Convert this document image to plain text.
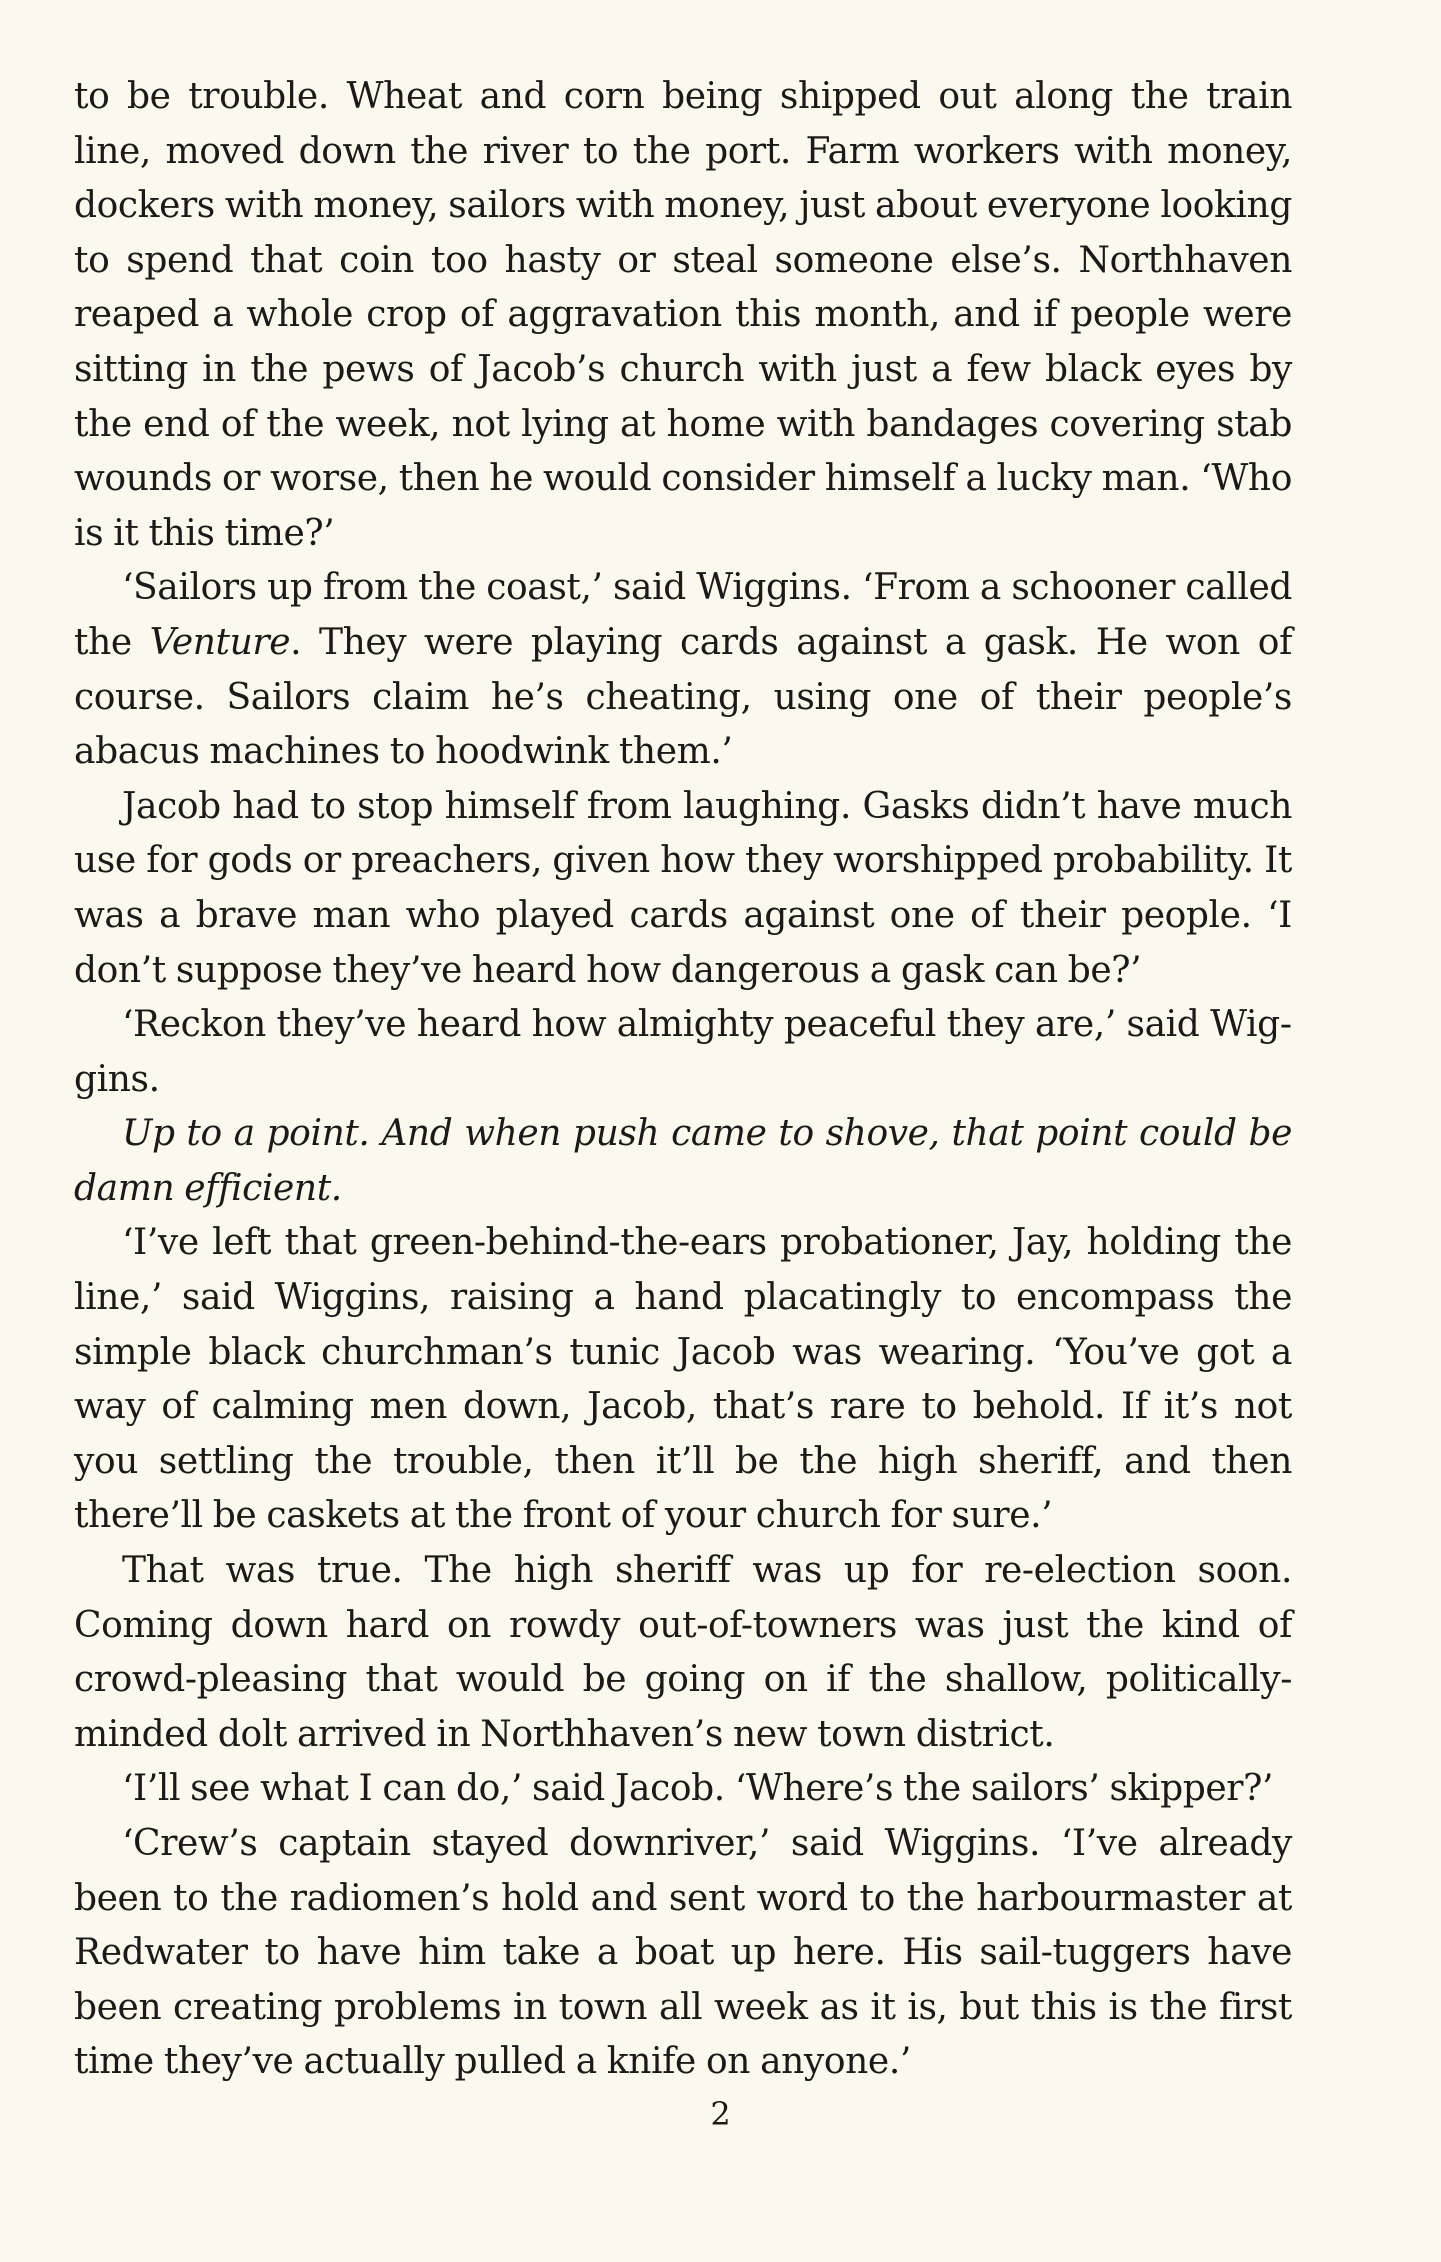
to be trouble. Wheat and corn being shipped out along the train line, moved down the river to the port. Farm workers with money, dockers with money, sailors with money, just about everyone looking to spend that coin too hasty or steal someone else’s. Northhaven reaped a whole crop of aggravation this month, and if people were sitting in the pews of Jacob’s church with just a few black eyes by the end of the week, not lying at home with bandages covering stab wounds or worse, then he would consider himself a lucky man. ‘Who is it this time?’

‘Sailors up from the coast,’ said Wiggins. ‘From a schooner called the Venture. They were playing cards against a gask. He won of course. Sailors claim he’s cheating, using one of their people’s abacus machines to hoodwink them.’

Jacob had to stop himself from laughing. Gasks didn’t have much use for gods or preachers, given how they worshipped probability. It was a brave man who played cards against one of their people. ‘I don’t suppose they’ve heard how dangerous a gask can be?’

‘Reckon they’ve heard how almighty peaceful they are,’ said Wiggins.

Up to a point. And when push came to shove, that point could be damn efficient.

‘I’ve left that green-behind-the-ears probationer, Jay, holding the line,’ said Wiggins, raising a hand placatingly to encompass the simple black churchman’s tunic Jacob was wearing. ‘You’ve got a way of calming men down, Jacob, that’s rare to behold. If it’s not you settling the trouble, then it’ll be the high sheriff, and then there’ll be caskets at the front of your church for sure.’

That was true. The high sheriff was up for re-election soon. Coming down hard on rowdy out-of-towners was just the kind of crowd-pleasing that would be going on if the shallow, politically-minded dolt arrived in Northhaven’s new town district.

‘I’ll see what I can do,’ said Jacob. ‘Where’s the sailors’ skipper?’

‘Crew’s captain stayed downriver,’ said Wiggins. ‘I’ve already been to the radiomen’s hold and sent word to the harbourmaster at Redwater to have him take a boat up here. His sail-tuggers have been creating problems in town all week as it is, but this is the first time they’ve actually pulled a knife on anyone.’

2
